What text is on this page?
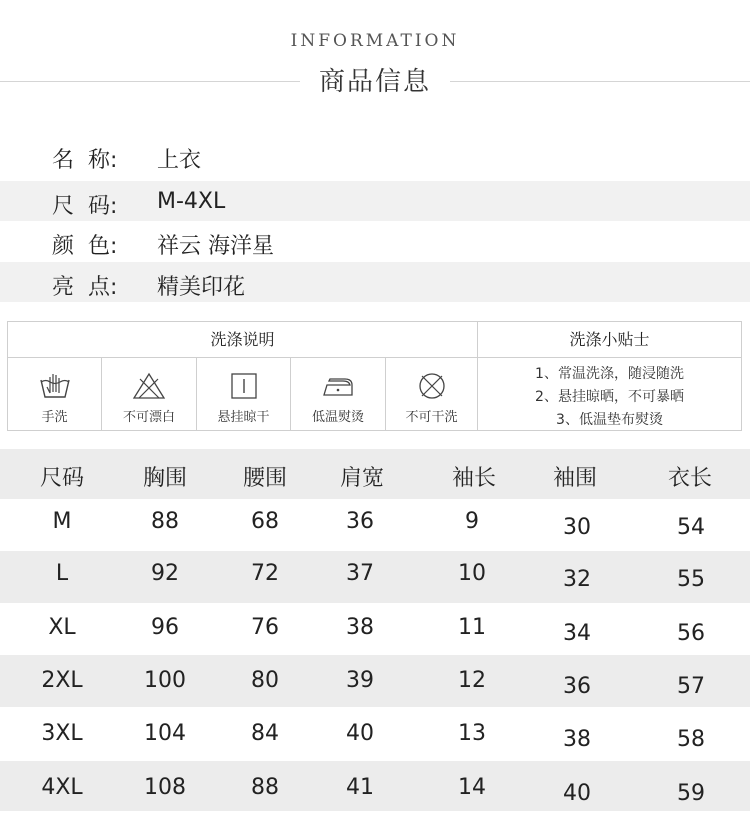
INFORMATION
商品信息
名  称: 上衣
尺  码: M-4XL
颜  色: 祥云 海洋星
亮  点: 精美印花
洗涤说明
手洗	不可漂白	悬挂晾干	低温熨烫	不可干洗
洗涤小贴士
1、常温洗涤，随浸随洗
2、悬挂晾晒，不可暴晒
3、低温垫布熨烫
尺码	胸围	腰围	肩宽	袖长	袖围	衣长
M	88	68	36	9	30	54
L	92	72	37	10	32	55
XL	96	76	38	11	34	56
2XL	100	80	39	12	36	57
3XL	104	84	40	13	38	58
4XL	108	88	41	14	40	59
